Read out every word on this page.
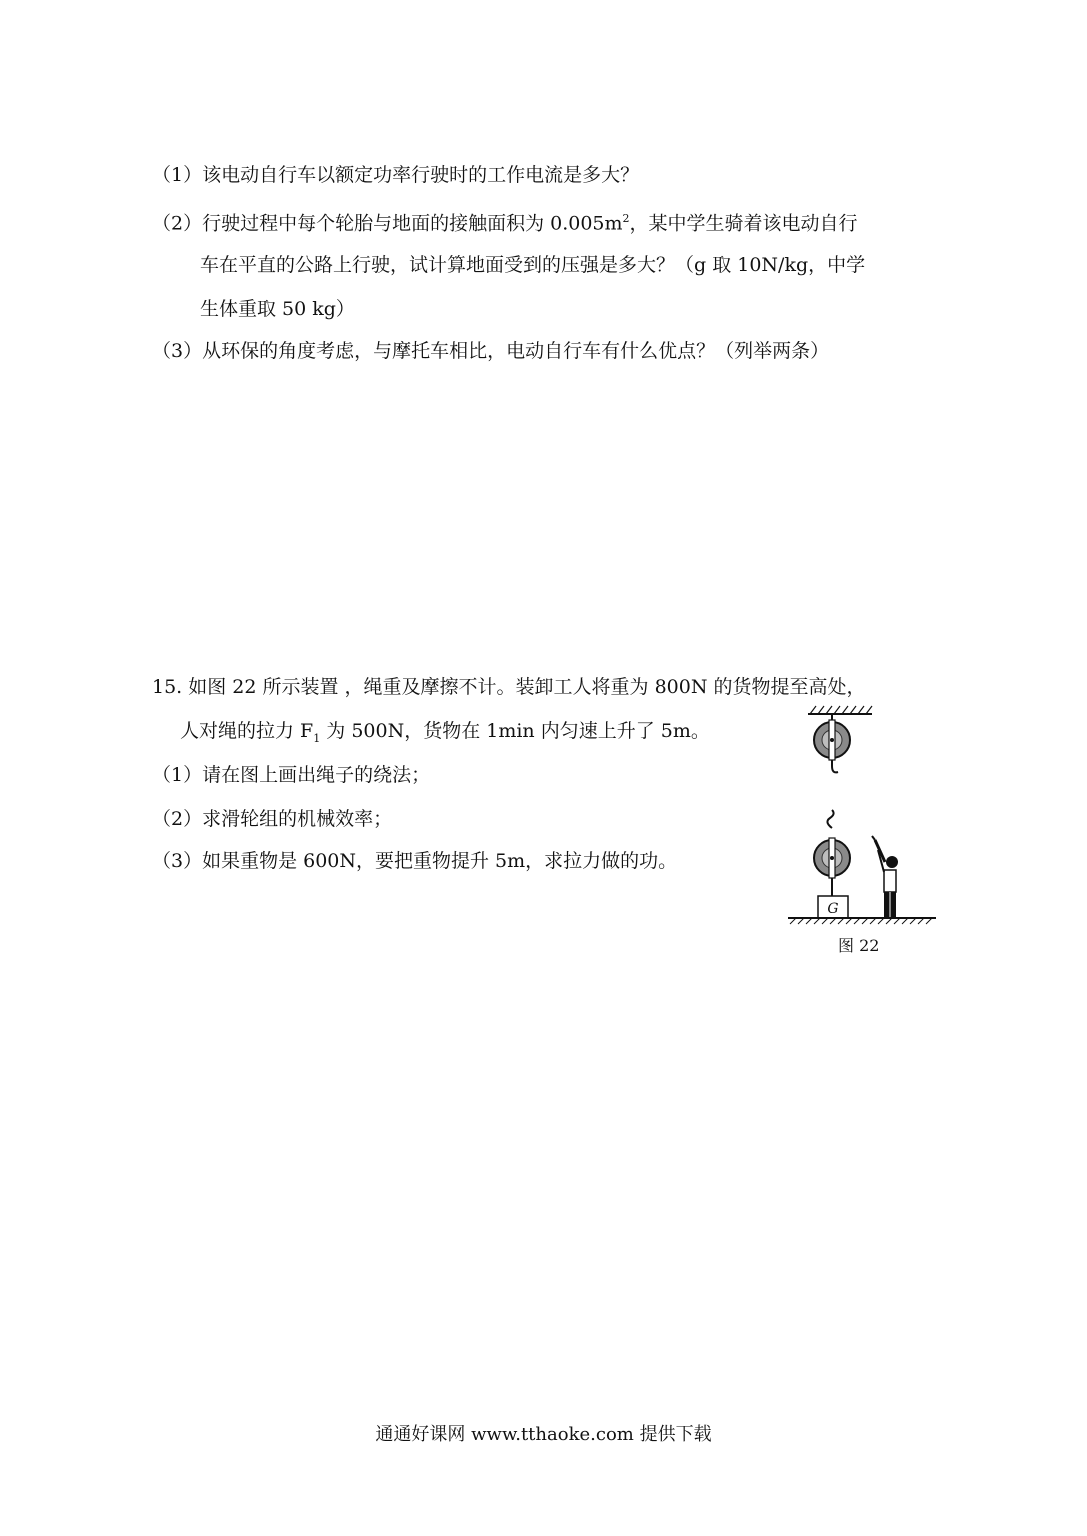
（1）该电动自行车以额定功率行驶时的工作电流是多大？
（2）行驶过程中每个轮胎与地面的接触面积为 $0.005m^2$，某中学生骑着该电动自行
车在平直的公路上行驶，试计算地面受到的压强是多大？（g 取 10N/kg，中学
生体重取 50 kg）
（3）从环保的角度考虑，与摩托车相比，电动自行车有什么优点？（列举两条）
15. 如图 22 所示装置 ，绳重及摩擦不计。装卸工人将重为 800N 的货物提至高处，
人对绳的拉力 $F_1$ 为 500N，货物在 1min 内匀速上升了 5m。
（1）请在图上画出绳子的绕法；
（2）求滑轮组的机械效率；
（3）如果重物是 600N，要把重物提升 5m，求拉力做的功。
G
图 22
通通好课网 www.tthaoke.com 提供下载
